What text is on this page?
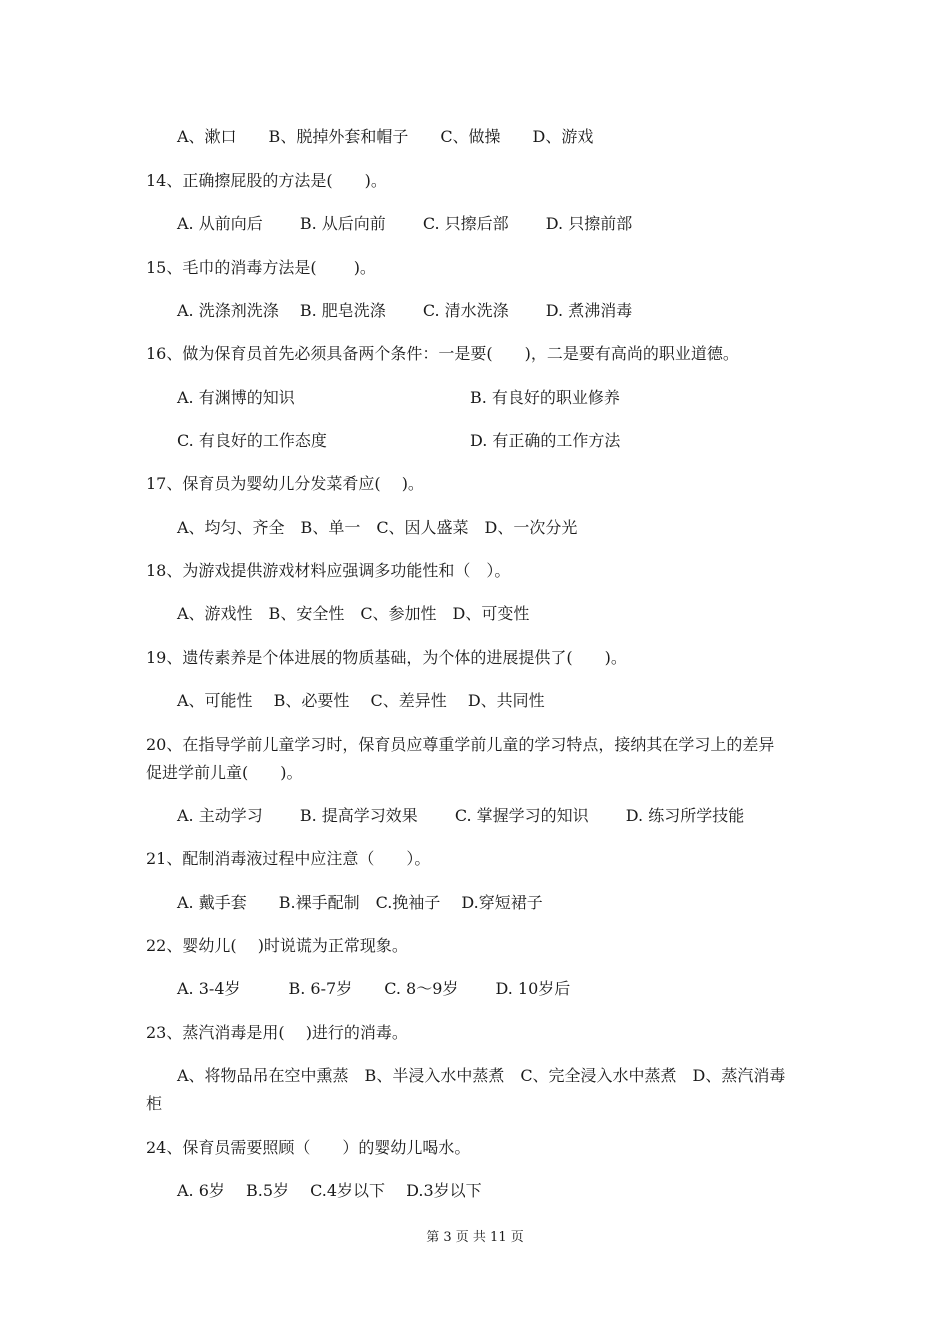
A、漱口　　B、脱掉外套和帽子　　C、做操　　D、游戏
14、正确擦屁股的方法是(　　)。
A. 从前向后　　 B. 从后向前　　 C. 只擦后部　　 D. 只擦前部
15、毛巾的消毒方法是(　　 )。
A. 洗涤剂洗涤　 B. 肥皂洗涤　　 C. 清水洗涤　　 D. 煮沸消毒
16、做为保育员首先必须具备两个条件：一是要(　　)，二是要有高尚的职业道德。
A. 有渊博的知识	B. 有良好的职业修养
C. 有良好的工作态度	D. 有正确的工作方法
17、保育员为婴幼儿分发菜肴应(　 )。
A、均匀、齐全　B、单一　C、因人盛菜　D、一次分光
18、为游戏提供游戏材料应强调多功能性和（　）。
A、游戏性　B、安全性　C、参加性　D、可变性
19、遗传素养是个体进展的物质基础，为个体的进展提供了(　　)。
A、可能性　 B、必要性　 C、差异性　 D、共同性
20、在指导学前儿童学习时，保育员应尊重学前儿童的学习特点，接纳其在学习上的差异
促进学前儿童(　　)。
A. 主动学习　　 B. 提高学习效果　　 C. 掌握学习的知识　　 D. 练习所学技能
21、配制消毒液过程中应注意（　　）。
A. 戴手套　　B.裸手配制　C.挽袖子　 D.穿短裙子
22、婴幼儿(　 )时说谎为正常现象。
A. 3-4岁　　　B. 6-7岁　　C. 8～9岁　　 D. 10岁后
23、蒸汽消毒是用(　 )进行的消毒。
A、将物品吊在空中熏蒸　B、半浸入水中蒸煮　C、完全浸入水中蒸煮　D、蒸汽消毒
柜
24、保育员需要照顾（　　）的婴幼儿喝水。
A. 6岁　 B.5岁　 C.4岁以下　 D.3岁以下
第 3 页 共 11 页
